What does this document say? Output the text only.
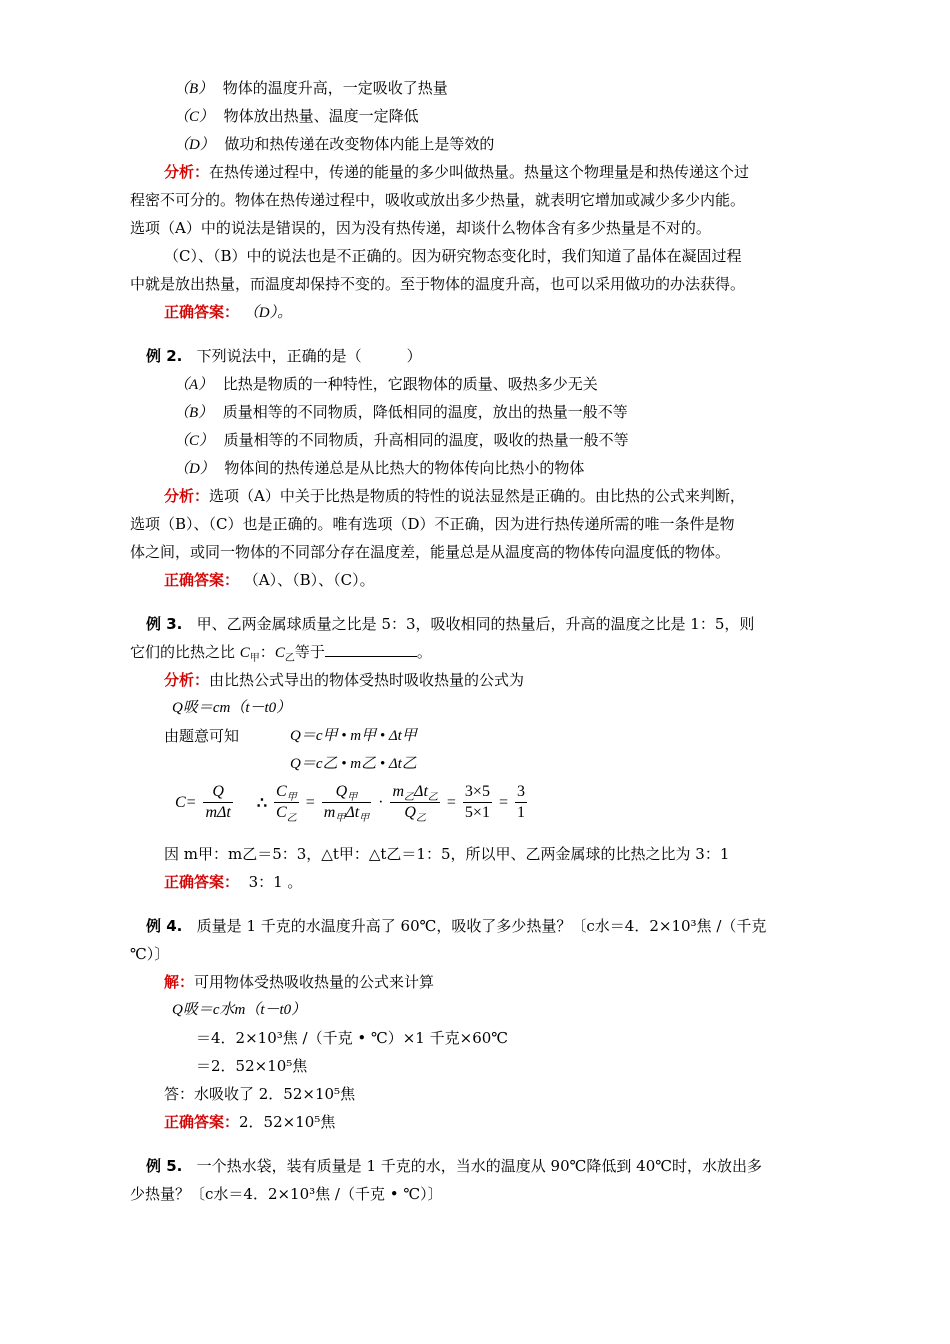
（B） 物体的温度升高，一定吸收了热量
（C） 物体放出热量、温度一定降低
（D） 做功和热传递在改变物体内能上是等效的
分析：在热传递过程中，传递的能量的多少叫做热量。热量这个物理量是和热传递这个过
程密不可分的。物体在热传递过程中，吸收或放出多少热量，就表明它增加或减少多少内能。
选项（A）中的说法是错误的，因为没有热传递，却谈什么物体含有多少热量是不对的。
（C）、（B）中的说法也是不正确的。因为研究物态变化时，我们知道了晶体在凝固过程
中就是放出热量，而温度却保持不变的。至于物体的温度升高，也可以采用做功的办法获得。
正确答案： （D）。
例 2. 下列说法中，正确的是（　　　）
（A） 比热是物质的一种特性，它跟物体的质量、吸热多少无关
（B） 质量相等的不同物质，降低相同的温度，放出的热量一般不等
（C） 质量相等的不同物质，升高相同的温度，吸收的热量一般不等
（D） 物体间的热传递总是从比热大的物体传向比热小的物体
分析：选项（A）中关于比热是物质的特性的说法显然是正确的。由比热的公式来判断，
选项（B）、（C）也是正确的。唯有选项（D）不正确，因为进行热传递所需的唯一条件是物
体之间，或同一物体的不同部分存在温度差，能量总是从温度高的物体传向温度低的物体。
正确答案： （A）、（B）、（C）。
例 3. 甲、乙两金属球质量之比是 5：3，吸收相同的热量后，升高的温度之比是 1：5，则
它们的比热之比 $C_甲$：$C_乙$等于	。
分析：由比热公式导出的物体受热时吸收热量的公式为
Q吸＝cm（t－t0）
由题意可知	Q＝c甲 • m甲 • Δt甲
Q＝c乙 • m乙 • Δt乙
$C= \frac{Q}{\text{mΔt}}$ ∴ $\frac{C_甲}{C_乙} = \frac{Q_甲}{m_甲\Delta t_甲} \cdot \frac{m_乙\Delta t_乙}{Q_乙} = \frac{3\times 5}{5\times 1} = \frac{3}{1}$
因 m甲：m乙＝5：3，△t甲：△t乙＝1：5，所以甲、乙两金属球的比热之比为 3：1
正确答案： 3：1 。
例 4. 质量是 1 千克的水温度升高了 60℃，吸收了多少热量？〔c水＝4．2×10³焦 /（千克
℃）〕
解：可用物体受热吸收热量的公式来计算
Q吸＝c水m（t－t0）
＝4．2×10³焦 /（千克 • ℃）×1 千克×60℃
＝2．52×10⁵焦
答：水吸收了 2．52×10⁵焦
正确答案：2．52×10⁵焦
例 5. 一个热水袋，装有质量是 1 千克的水，当水的温度从 90℃降低到 40℃时，水放出多
少热量？〔c水＝4．2×10³焦 /（千克 • ℃）〕
